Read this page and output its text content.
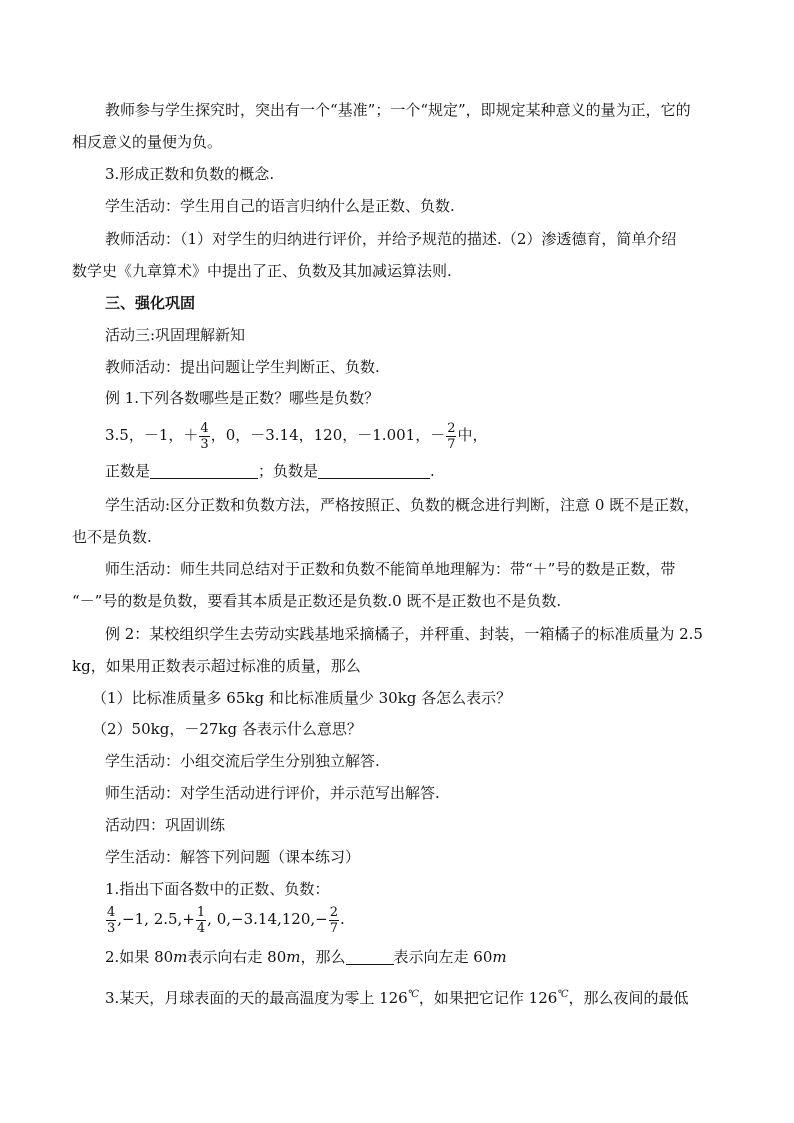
教师参与学生探究时，突出有一个“基准”；一个“规定”，即规定某种意义的量为正，它的
相反意义的量便为负。
3.形成正数和负数的概念.
学生活动：学生用自己的语言归纳什么是正数、负数.
教师活动：（1）对学生的归纳进行评价，并给予规范的描述.（2）渗透德育，简单介绍
数学史《九章算术》中提出了正、负数及其加减运算法则.
三、强化巩固
活动三:巩固理解新知
教师活动：提出问题让学生判断正、负数.
例 1.下列各数哪些是正数？哪些是负数？
3.5，－1，＋ $\frac{4}{3}$ ，0，－3.14，120，－1.001，－ $\frac{2}{7}$ 中，
正数是	；负数是	.
学生活动:区分正数和负数方法，严格按照正、负数的概念进行判断，注意 0 既不是正数，
也不是负数.
师生活动：师生共同总结对于正数和负数不能简单地理解为：带“＋”号的数是正数，带
“－”号的数是负数，要看其本质是正数还是负数.0 既不是正数也不是负数.
例 2：某校组织学生去劳动实践基地采摘橘子，并秤重、封装，一箱橘子的标准质量为 2.5
kg，如果用正数表示超过标准的质量，那么
（1）比标准质量多 65kg 和比标准质量少 30kg 各怎么表示？
（2）50kg，－27kg 各表示什么意思？
学生活动：小组交流后学生分别独立解答.
师生活动：对学生活动进行评价，并示范写出解答.
活动四：巩固训练
学生活动：解答下列问题（课本练习）
1.指出下面各数中的正数、负数：
$\frac{4}{3} ,-1$, $2.5,+ \frac{1}{4}$ , $0,-3.14,120,- \frac{2}{7}$ .
2.如果 80m表示向右走 80m，那么	表示向左走 60m
3.某天，月球表面的天的最高温度为零上 126℃，如果把它记作 126℃，那么夜间的最低
